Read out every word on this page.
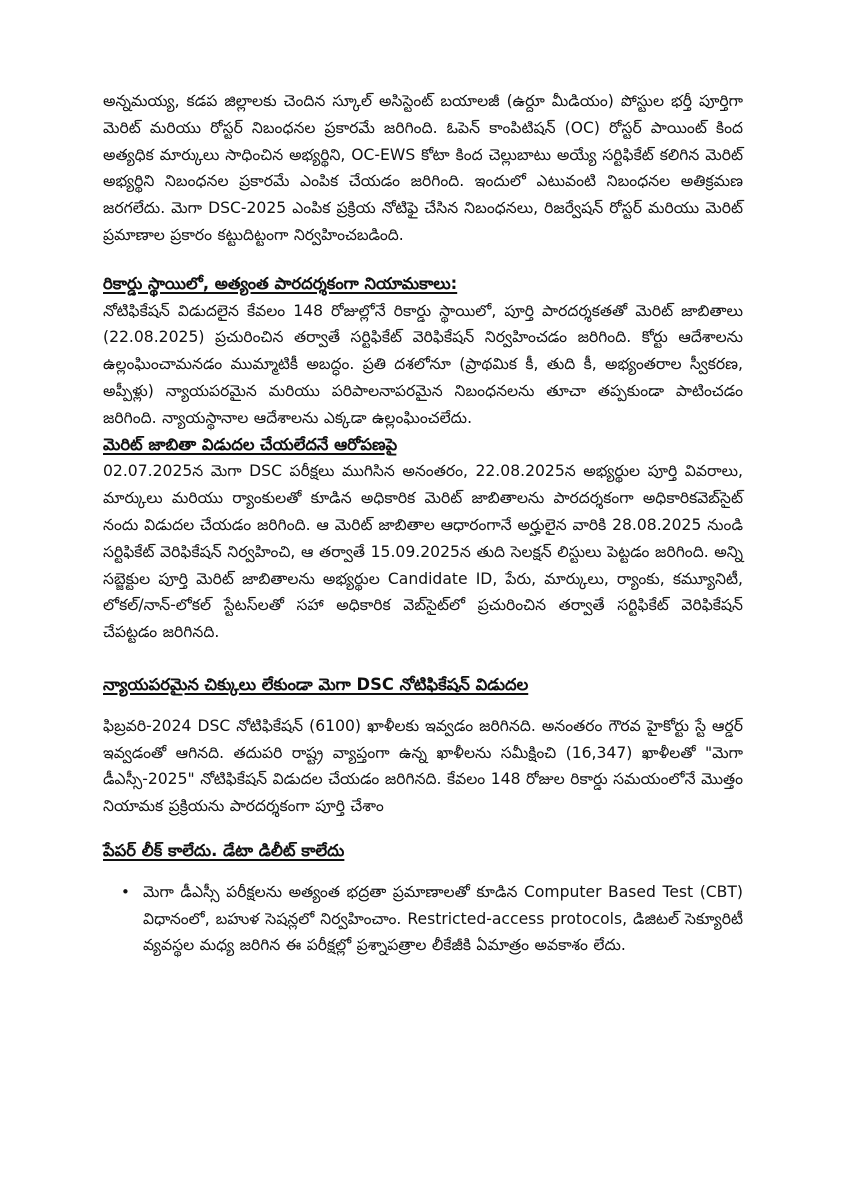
అన్నమయ్య, కడప జిల్లాలకు చెందిన స్కూల్ అసిస్టెంట్ బయాలజీ (ఉర్దూ మీడియం) పోస్టుల భర్తీ పూర్తిగా మెరిట్ మరియు రోస్టర్ నిబంధనల ప్రకారమే జరిగింది. ఓపెన్ కాంపిటిషన్ (OC) రోస్టర్ పాయింట్ కింద అత్యధిక మార్కులు సాధించిన అభ్యర్థిని, OC-EWS కోటా కింద చెల్లుబాటు అయ్యే సర్టిఫికేట్ కలిగిన మెరిట్ అభ్యర్థిని నిబంధనల ప్రకారమే ఎంపిక చేయడం జరిగింది. ఇందులో ఎటువంటి నిబంధనల అతిక్రమణ జరగలేదు. మెగా DSC-2025 ఎంపిక ప్రక్రియ నోటిఫై చేసిన నిబంధనలు, రిజర్వేషన్ రోస్టర్ మరియు మెరిట్ ప్రమాణాల ప్రకారం కట్టుదిట్టంగా నిర్వహించబడింది.

రికార్డు స్థాయిలో, అత్యంత పారదర్శకంగా నియామకాలు:

నోటిఫికేషన్ విడుదలైన కేవలం 148 రోజుల్లోనే రికార్డు స్థాయిలో, పూర్తి పారదర్శకతతో మెరిట్ జాబితాలు (22.08.2025) ప్రచురించిన తర్వాతే సర్టిఫికేట్ వెరిఫికేషన్ నిర్వహించడం జరిగింది. కోర్టు ఆదేశాలను ఉల్లంఘించామనడం ముమ్మాటికీ అబద్ధం. ప్రతి దశలోనూ (ప్రాథమిక కీ, తుది కీ, అభ్యంతరాల స్వీకరణ, అప్పీళ్లు) న్యాయపరమైన మరియు పరిపాలనాపరమైన నిబంధనలను తూచా తప్పకుండా పాటించడం జరిగింది. న్యాయస్థానాల ఆదేశాలను ఎక్కడా ఉల్లంఘించలేదు.

మెరిట్ జాబితా విడుదల చేయలేదనే ఆరోపణపై

02.07.2025న మెగా DSC పరీక్షలు ముగిసిన అనంతరం, 22.08.2025న అభ్యర్థుల పూర్తి వివరాలు, మార్కులు మరియు ర్యాంకులతో కూడిన అధికారిక మెరిట్ జాబితాలను పారదర్శకంగా అధికారికవెబ్‌సైట్ నందు విడుదల చేయడం జరిగింది. ఆ మెరిట్ జాబితాల ఆధారంగానే అర్హులైన వారికి 28.08.2025 నుండి సర్టిఫికేట్ వెరిఫికేషన్ నిర్వహించి, ఆ తర్వాతే 15.09.2025న తుది సెలక్షన్ లిస్టులు పెట్టడం జరిగింది. అన్ని సబ్జెక్టుల పూర్తి మెరిట్ జాబితాలను అభ్యర్థుల Candidate ID, పేరు, మార్కులు, ర్యాంకు, కమ్యూనిటీ, లోకల్/నాన్-లోకల్ స్టేటస్‌లతో సహా అధికారిక వెబ్‌సైట్‌లో ప్రచురించిన తర్వాతే సర్టిఫికేట్ వెరిఫికేషన్ చేపట్టడం జరిగినది.

న్యాయపరమైన చిక్కులు లేకుండా మెగా DSC నోటిఫికేషన్ విడుదల

ఫిబ్రవరి-2024 DSC నోటిఫికేషన్ (6100) ఖాళీలకు ఇవ్వడం జరిగినది. అనంతరం గౌరవ హైకోర్టు స్టే ఆర్డర్ ఇవ్వడంతో ఆగినది. తదుపరి రాష్ట్ర వ్యాప్తంగా ఉన్న ఖాళీలను సమీక్షించి (16,347) ఖాళీలతో "మెగా డీఎస్సీ-2025" నోటిఫికేషన్ విడుదల చేయడం జరిగినది. కేవలం 148 రోజుల రికార్డు సమయంలోనే మొత్తం నియామక ప్రక్రియను పారదర్శకంగా పూర్తి చేశాం

పేపర్ లీక్ కాలేదు. డేటా డిలీట్ కాలేదు
• మెగా డీఎస్సీ పరీక్షలను అత్యంత భద్రతా ప్రమాణాలతో కూడిన Computer Based Test (CBT) విధానంలో, బహుళ సెషన్లలో నిర్వహించాం. Restricted-access protocols, డిజిటల్ సెక్యూరిటీ వ్యవస్థల మధ్య జరిగిన ఈ పరీక్షల్లో ప్రశ్నాపత్రాల లీకేజీకి ఏమాత్రం అవకాశం లేదు.
